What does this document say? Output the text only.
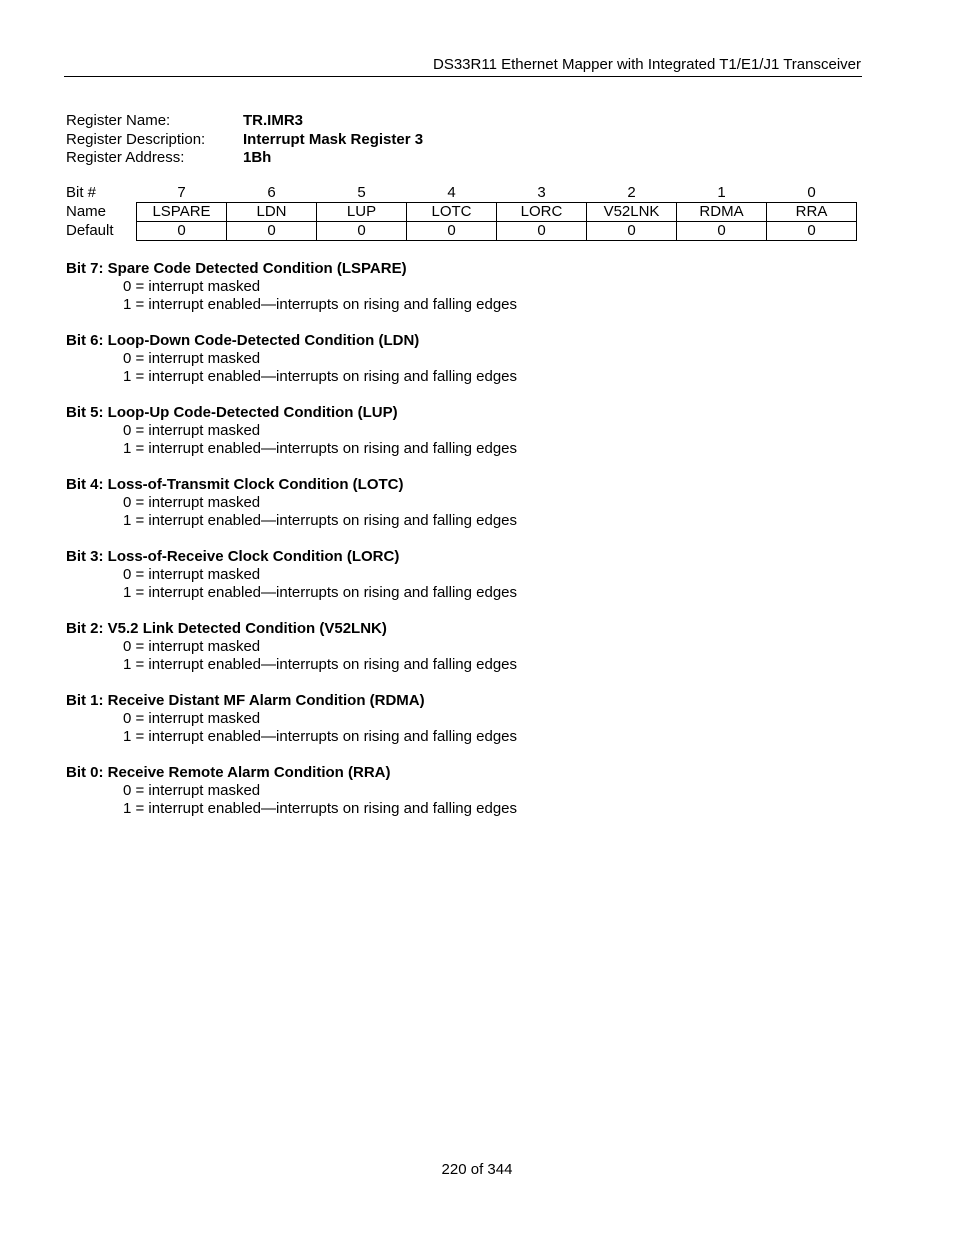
DS33R11 Ethernet Mapper with Integrated T1/E1/J1 Transceiver
Register Name:	TR.IMR3
Register Description:	Interrupt Mask Register 3
Register Address:	1Bh
Bit #	7	6	5	4	3	2	1	0
Name	LSPARE	LDN	LUP	LOTC	LORC	V52LNK	RDMA	RRA
Default	0	0	0	0	0	0	0	0
Bit 7: Spare Code Detected Condition (LSPARE)
0 = interrupt masked
1 = interrupt enabled—interrupts on rising and falling edges
Bit 6: Loop-Down Code-Detected Condition (LDN)
0 = interrupt masked
1 = interrupt enabled—interrupts on rising and falling edges
Bit 5: Loop-Up Code-Detected Condition (LUP)
0 = interrupt masked
1 = interrupt enabled—interrupts on rising and falling edges
Bit 4: Loss-of-Transmit Clock Condition (LOTC)
0 = interrupt masked
1 = interrupt enabled—interrupts on rising and falling edges
Bit 3: Loss-of-Receive Clock Condition (LORC)
0 = interrupt masked
1 = interrupt enabled—interrupts on rising and falling edges
Bit 2: V5.2 Link Detected Condition (V52LNK)
0 = interrupt masked
1 = interrupt enabled—interrupts on rising and falling edges
Bit 1: Receive Distant MF Alarm Condition (RDMA)
0 = interrupt masked
1 = interrupt enabled—interrupts on rising and falling edges
Bit 0: Receive Remote Alarm Condition (RRA)
0 = interrupt masked
1 = interrupt enabled—interrupts on rising and falling edges
220 of 344
